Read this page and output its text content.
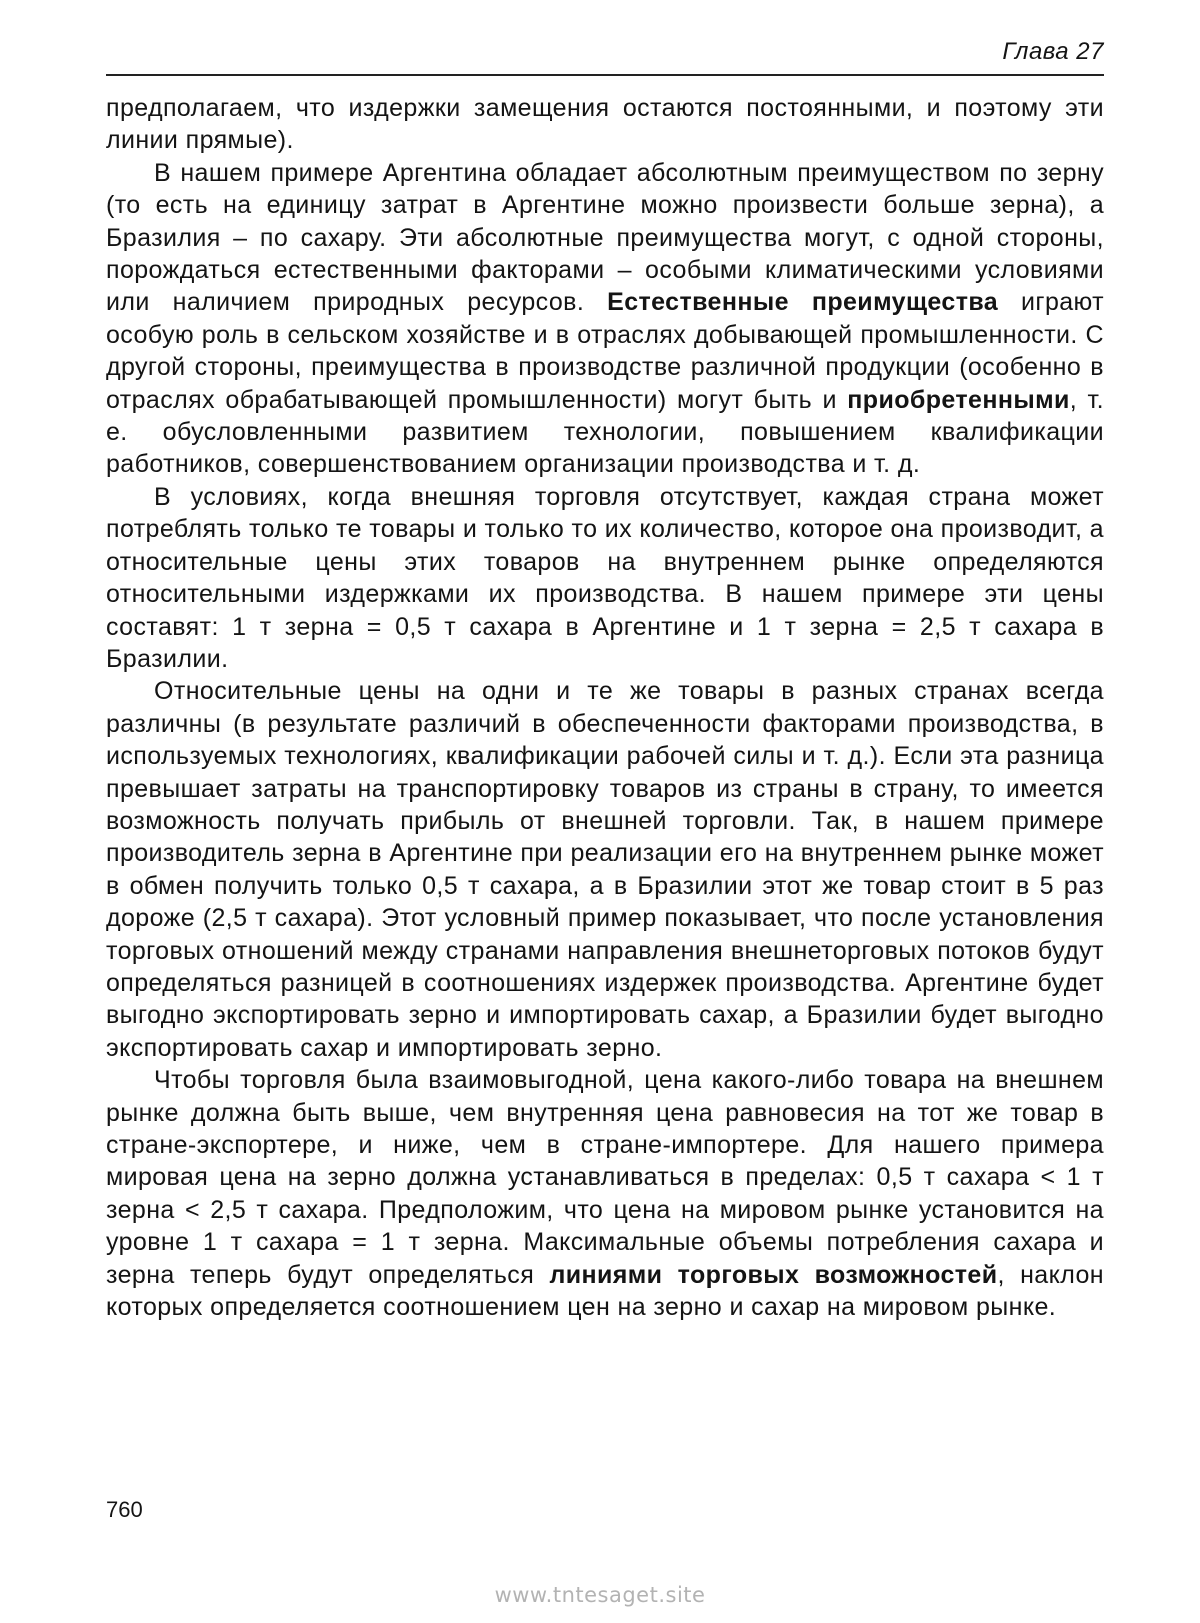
Глава 27

предполагаем, что издержки замещения остаются постоянными, и поэтому эти линии прямые).

В нашем примере Аргентина обладает абсолютным преимуществом по зерну (то есть на единицу затрат в Аргентине можно произвести больше зерна), а Бразилия – по сахару. Эти абсолютные преимущества могут, с одной стороны, порождаться естественными факторами – особыми климатическими условиями или наличием природных ресурсов. Естественные преимущества играют особую роль в сельском хозяйстве и в отраслях добывающей промышленности. С другой стороны, преимущества в производстве различной продукции (особенно в отраслях обрабатывающей промышленности) могут быть и приобретенными, т. е. обусловленными развитием технологии, повышением квалификации работников, совершенствованием организации производства и т. д.

В условиях, когда внешняя торговля отсутствует, каждая страна может потреблять только те товары и только то их количество, которое она производит, а относительные цены этих товаров на внутреннем рынке определяются относительными издержками их производства. В нашем примере эти цены составят: 1 т зерна = 0,5 т сахара в Аргентине и 1 т зерна = 2,5 т сахара в Бразилии.

Относительные цены на одни и те же товары в разных странах всегда различны (в результате различий в обеспеченности факторами производства, в используемых технологиях, квалификации рабочей силы и т. д.). Если эта разница превышает затраты на транспортировку товаров из страны в страну, то имеется возможность получать прибыль от внешней торговли. Так, в нашем примере производитель зерна в Аргентине при реализации его на внутреннем рынке может в обмен получить только 0,5 т сахара, а в Бразилии этот же товар стоит в 5 раз дороже (2,5 т сахара). Этот условный пример показывает, что после установления торговых отношений между странами направления внешнеторговых потоков будут определяться разницей в соотношениях издержек производства. Аргентине будет выгодно экспортировать зерно и импортировать сахар, а Бразилии будет выгодно экспортировать сахар и импортировать зерно.

Чтобы торговля была взаимовыгодной, цена какого-либо товара на внешнем рынке должна быть выше, чем внутренняя цена равновесия на тот же товар в стране-экспортере, и ниже, чем в стране-импортере. Для нашего примера мировая цена на зерно должна устанавливаться в пределах: 0,5 т сахара < 1 т зерна < 2,5 т сахара. Предположим, что цена на мировом рынке установится на уровне 1 т сахара = 1 т зерна. Максимальные объемы потребления сахара и зерна теперь будут определяться линиями торговых возможностей, наклон которых определяется соотношением цен на зерно и сахар на мировом рынке.

760
www.tntesaget.site
